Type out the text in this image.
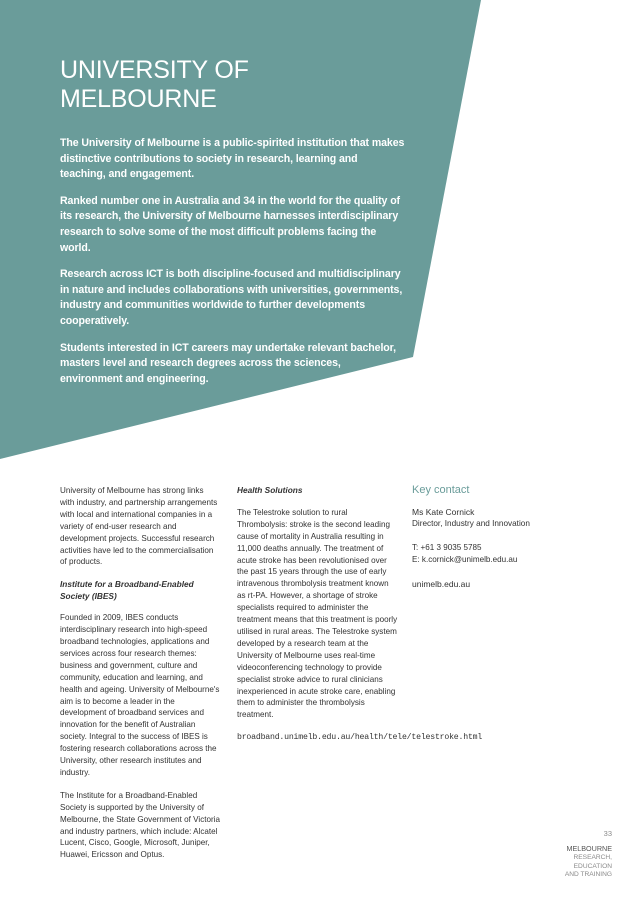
UNIVERSITY OF MELBOURNE

The University of Melbourne is a public-spirited institution that makes distinctive contributions to society in research, learning and teaching, and engagement.

Ranked number one in Australia and 34 in the world for the quality of its research, the University of Melbourne harnesses interdisciplinary research to solve some of the most difficult problems facing the world.

Research across ICT is both discipline-focused and multidisciplinary in nature and includes collaborations with universities, governments, industry and communities worldwide to further developments cooperatively.

Students interested in ICT careers may undertake relevant bachelor, masters level and research degrees across the sciences, environment and engineering.

University of Melbourne has strong links with industry, and partnership arrangements with local and international companies in a variety of end-user research and development projects. Successful research activities have led to the commercialisation of products.

Institute for a Broadband-Enabled Society (IBES)

Founded in 2009, IBES conducts interdisciplinary research into high-speed broadband technologies, applications and services across four research themes: business and government, culture and community, education and learning, and health and ageing. University of Melbourne's aim is to become a leader in the development of broadband services and innovation for the benefit of Australian society. Integral to the success of IBES is fostering research collaborations across the University, other research institutes and industry.

The Institute for a Broadband-Enabled Society is supported by the University of Melbourne, the State Government of Victoria and industry partners, which include: Alcatel Lucent, Cisco, Google, Microsoft, Juniper, Huawei, Ericsson and Optus.

Health Solutions

The Telestroke solution to rural Thrombolysis: stroke is the second leading cause of mortality in Australia resulting in 11,000 deaths annually. The treatment of acute stroke has been revolutionised over the past 15 years through the use of early intravenous thrombolysis treatment known as rt-PA. However, a shortage of stroke specialists required to administer the treatment means that this treatment is poorly utilised in rural areas. The Telestroke system developed by a research team at the University of Melbourne uses real-time videoconferencing technology to provide specialist stroke advice to rural clinicians inexperienced in acute stroke care, enabling them to administer the thrombolysis treatment.

broadband.unimelb.edu.au/health/tele/telestroke.html

Key contact

Ms Kate Cornick

Director, Industry and Innovation

T: +61 3 9035 5785

E: k.cornick@unimelb.edu.au

unimelb.edu.au

33
MELBOURNE
RESEARCH,
EDUCATION
AND TRAINING
